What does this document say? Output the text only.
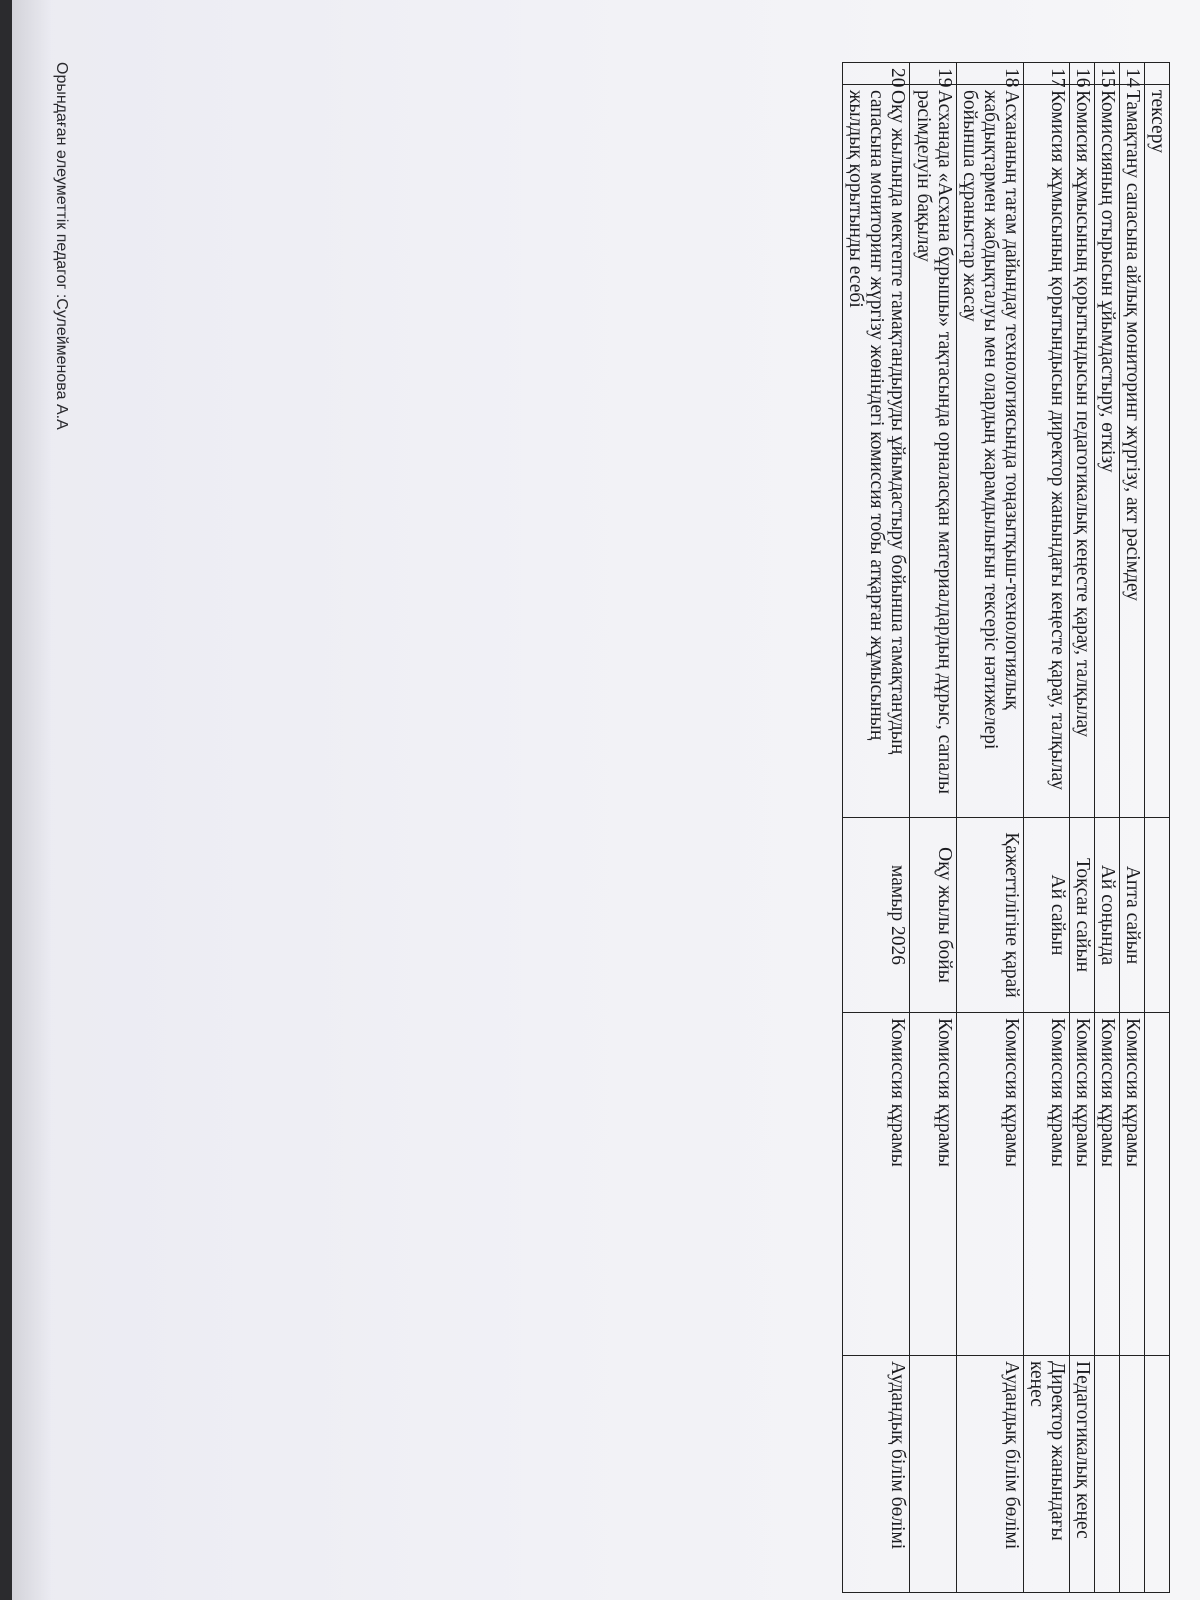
	тексеру			
14	Тамақтану сапасына айлық мониторинг жүргізу, акт рәсімдеу	Апта сайын	Комиссия құрамы	
15	Комиссияның отырысын ұйымдастыру, өткізу	Ай соңында	Комиссия құрамы	
16	Комисия жұмысының қорытындысын педагогикалық кеңесте қарау, талқылау	Тоқсан сайын	Комиссия құрамы	Педагогикалық кеңес
17	Комисия жұмысының қорытындысын директор жанындағы кеңесте қарау, талқылау	Ай сайын	Комиссия құрамы	Директор жанындағы кеңес
18	Асхананың тағам дайындау технологиясында тоңазытқыш-технологиялық жабдықтармен жабдықталуы мен олардың жарамдылығын тексеріс нәтижелері бойынша сұраныстар жасау	Қажеттілігіне қарай	Комиссия құрамы	Аудандық білім бөлімі
19	Асханада «Асхана бұрышы» тақтасында орналасқан материалдардың дұрыс, сапалы рәсімделуін бақылау	Оқу жылы бойы	Комиссия құрамы	
20	Оқу жылында мектепте тамақтандыруды ұйымдастыру бойынша тамақтанудың сапасына мониторинг жүргізу жөніндегі комиссия тобы атқарған жұмысының жылдық қорытынды есебі	мамыр 2026	Комиссия құрамы	Аудандық білім бөлімі
Орындаған әлеуметтік педагог :Сулейменова А.А
